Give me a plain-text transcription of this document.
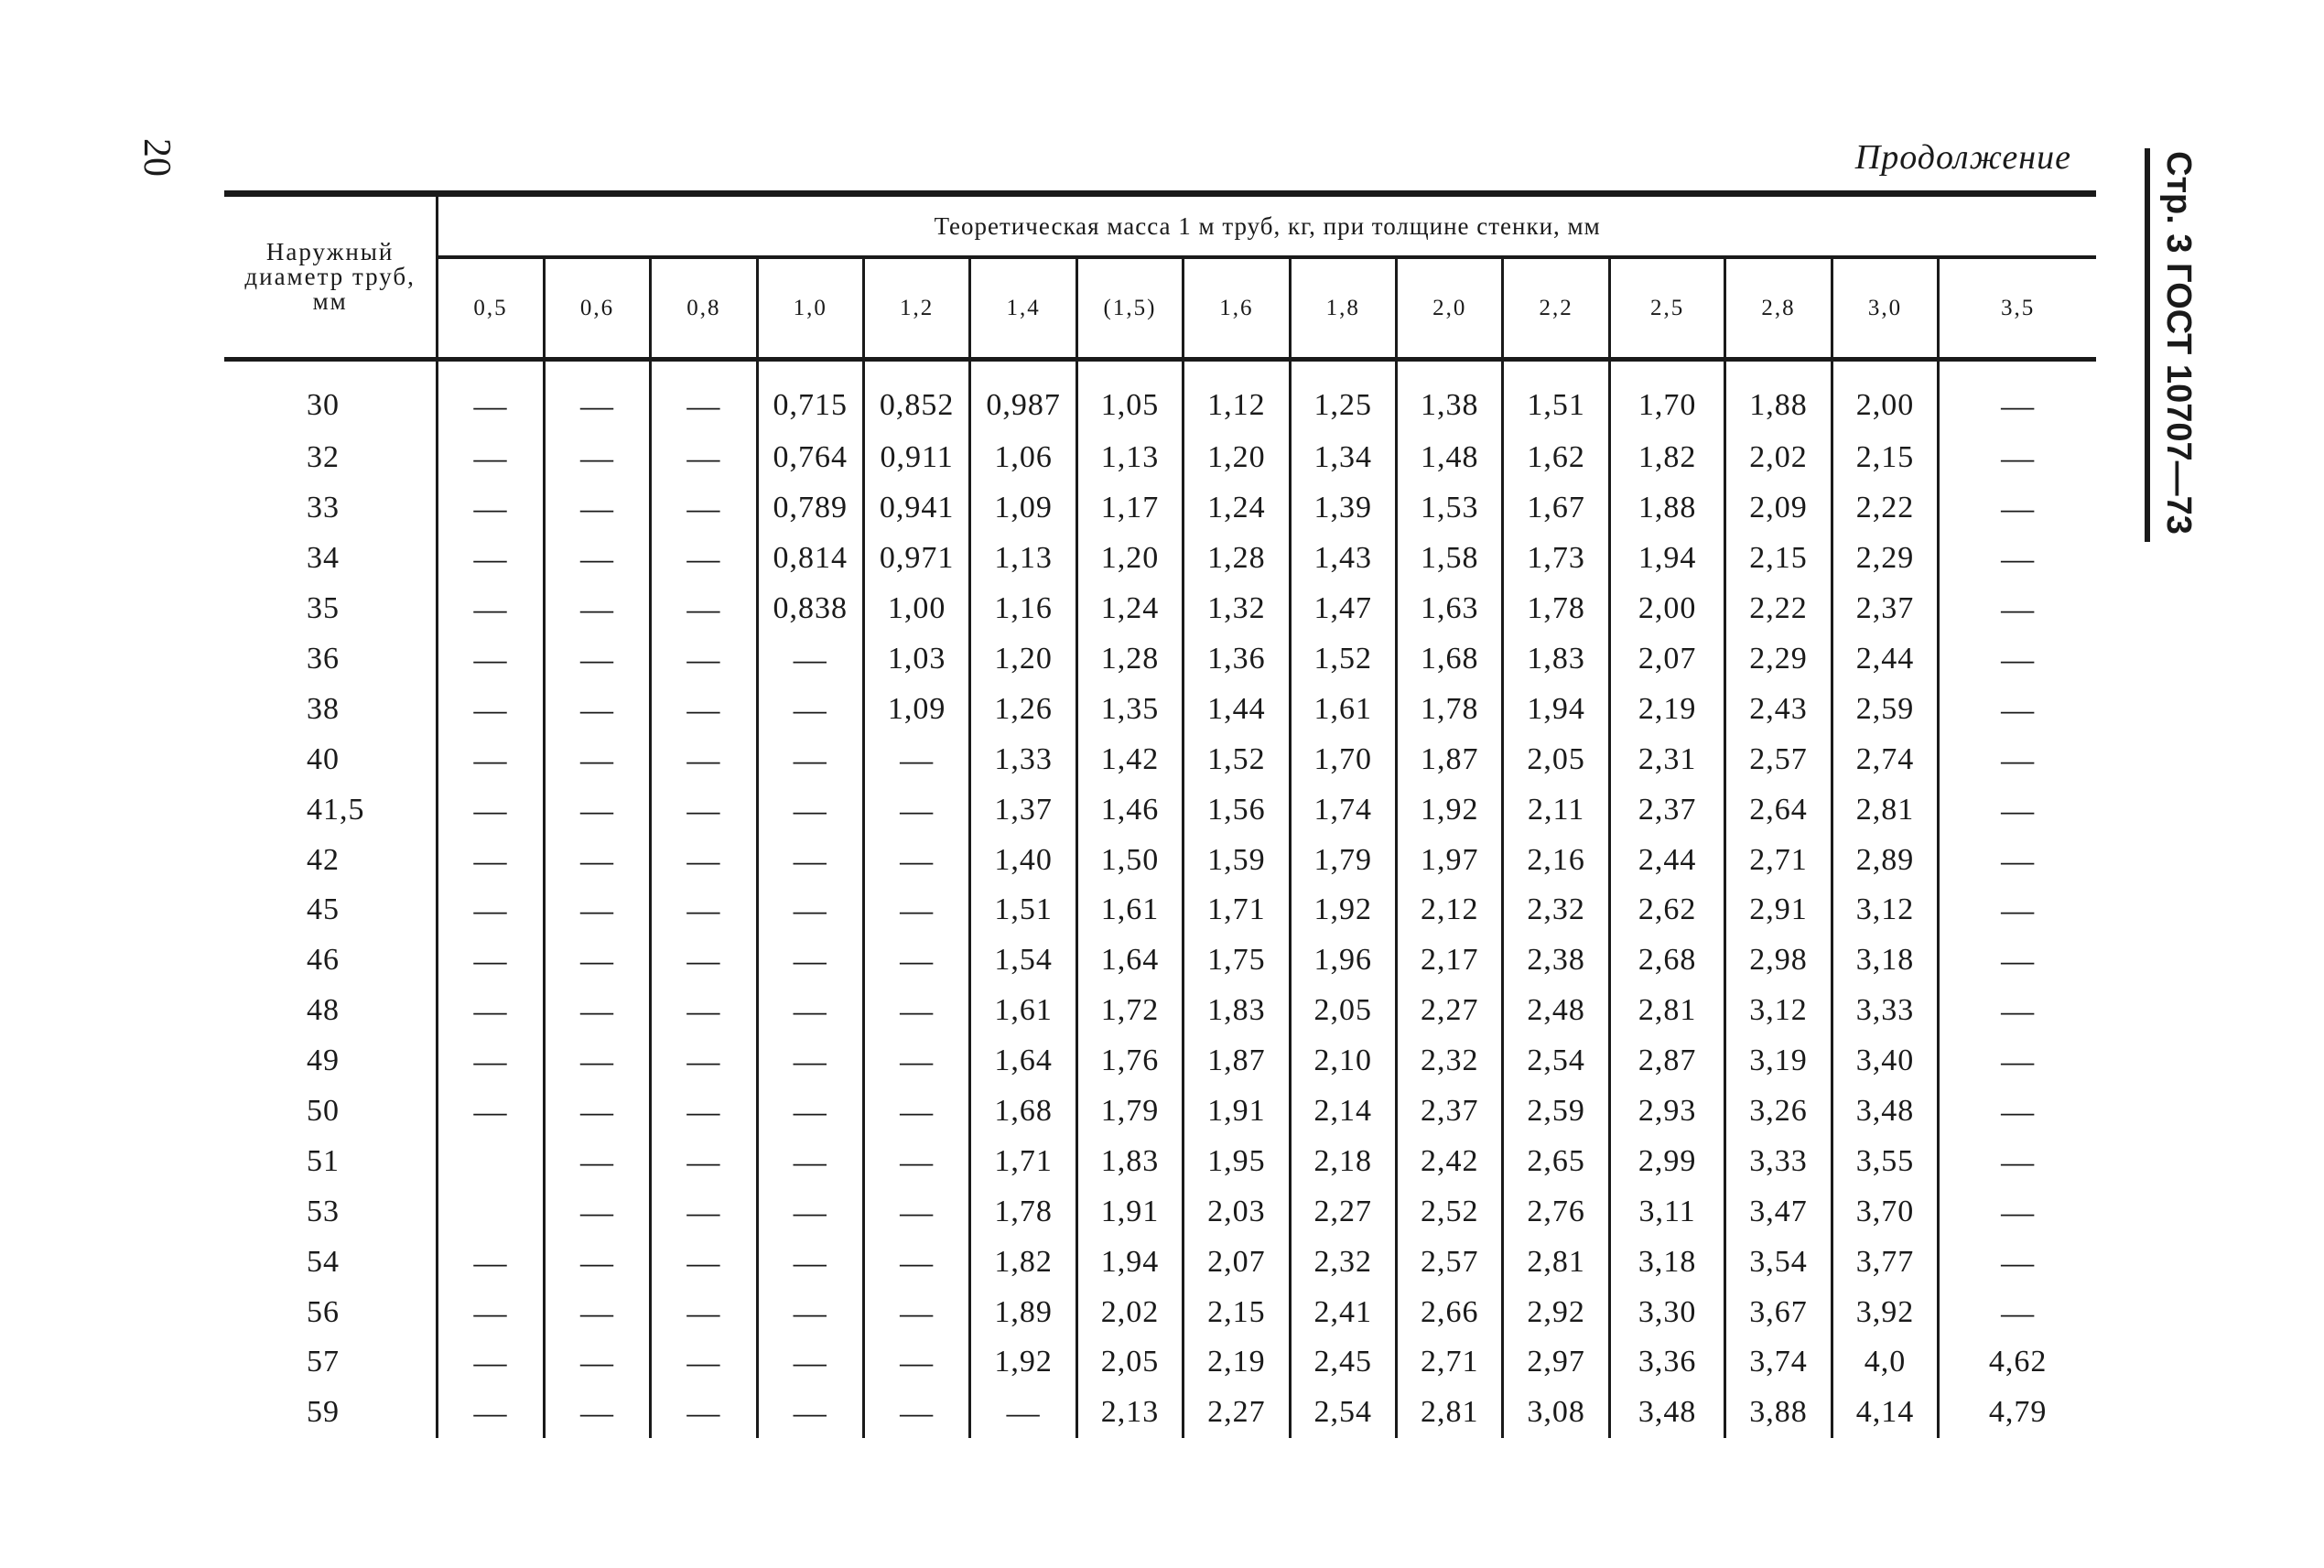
20	Продолжение	Стр. 3 ГОСТ 10707—73
Наружный диаметр труб, мм	Теоретическая масса 1 м труб, кг, при толщине стенки, мм														
	0,5	0,6	0,8	1,0	1,2	1,4	(1,5)	1,6	1,8	2,0	2,2	2,5	2,8	3,0	3,5
30	—	—	—	0,715	0,852	0,987	1,05	1,12	1,25	1,38	1,51	1,70	1,88	2,00	—
32	—	—	—	0,764	0,911	1,06	1,13	1,20	1,34	1,48	1,62	1,82	2,02	2,15	—
33	—	—	—	0,789	0,941	1,09	1,17	1,24	1,39	1,53	1,67	1,88	2,09	2,22	—
34	—	—	—	0,814	0,971	1,13	1,20	1,28	1,43	1,58	1,73	1,94	2,15	2,29	—
35	—	—	—	0,838	1,00	1,16	1,24	1,32	1,47	1,63	1,78	2,00	2,22	2,37	—
36	—	—	—	—	1,03	1,20	1,28	1,36	1,52	1,68	1,83	2,07	2,29	2,44	—
38	—	—	—	—	1,09	1,26	1,35	1,44	1,61	1,78	1,94	2,19	2,43	2,59	—
40	—	—	—	—	—	1,33	1,42	1,52	1,70	1,87	2,05	2,31	2,57	2,74	—
41,5	—	—	—	—	—	1,37	1,46	1,56	1,74	1,92	2,11	2,37	2,64	2,81	—
42	—	—	—	—	—	1,40	1,50	1,59	1,79	1,97	2,16	2,44	2,71	2,89	—
45	—	—	—	—	—	1,51	1,61	1,71	1,92	2,12	2,32	2,62	2,91	3,12	—
46	—	—	—	—	—	1,54	1,64	1,75	1,96	2,17	2,38	2,68	2,98	3,18	—
48	—	—	—	—	—	1,61	1,72	1,83	2,05	2,27	2,48	2,81	3,12	3,33	—
49	—	—	—	—	—	1,64	1,76	1,87	2,10	2,32	2,54	2,87	3,19	3,40	—
50	—	—	—	—	—	1,68	1,79	1,91	2,14	2,37	2,59	2,93	3,26	3,48	—
51		—	—	—	—	1,71	1,83	1,95	2,18	2,42	2,65	2,99	3,33	3,55	—
53		—	—	—	—	1,78	1,91	2,03	2,27	2,52	2,76	3,11	3,47	3,70	—
54	—	—	—	—	—	1,82	1,94	2,07	2,32	2,57	2,81	3,18	3,54	3,77	—
56	—	—	—	—	—	1,89	2,02	2,15	2,41	2,66	2,92	3,30	3,67	3,92	—
57	—	—	—	—	—	1,92	2,05	2,19	2,45	2,71	2,97	3,36	3,74	4,0	4,62
59	—	—	—	—	—	—	2,13	2,27	2,54	2,81	3,08	3,48	3,88	4,14	4,79
